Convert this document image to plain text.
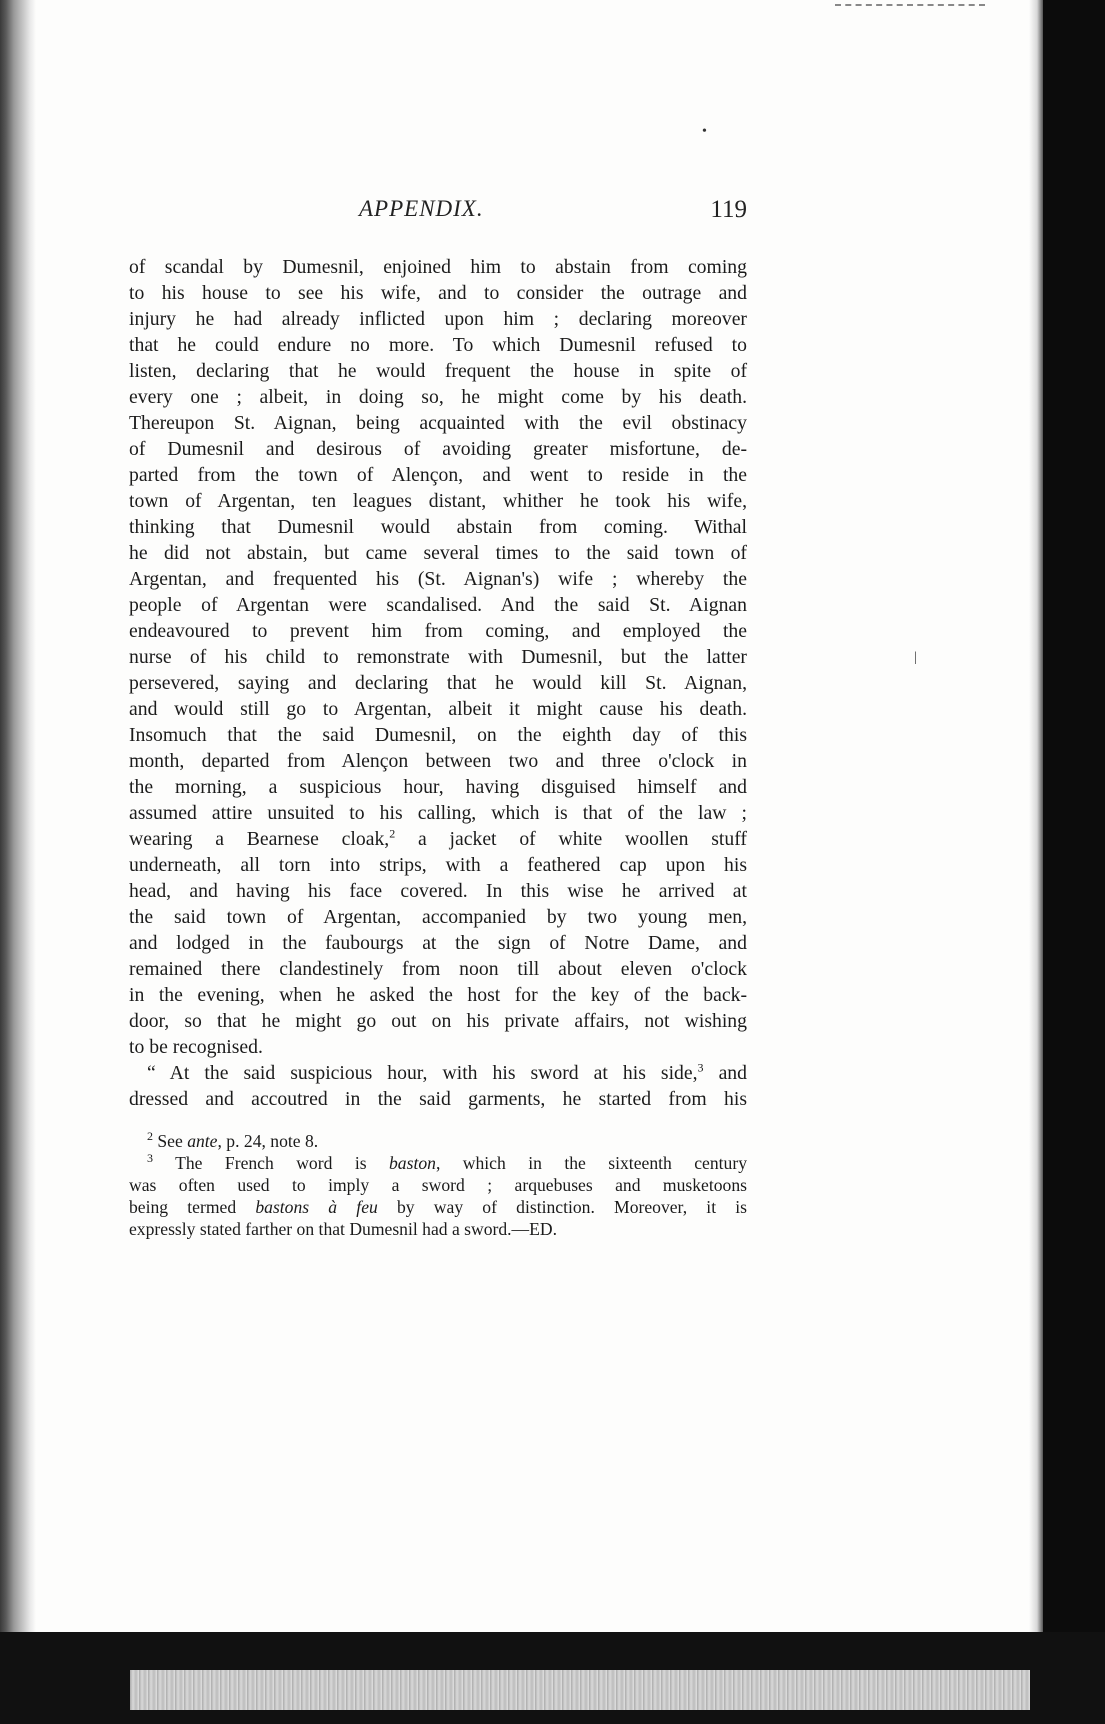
•
|
APPENDIX.	119
of scandal by Dumesnil, enjoined him to abstain from coming
to his house to see his wife, and to consider the outrage and
injury he had already inflicted upon him ; declaring moreover
that he could endure no more. To which Dumesnil refused to
listen, declaring that he would frequent the house in spite of
every one ; albeit, in doing so, he might come by his death.
Thereupon St. Aignan, being acquainted with the evil obstinacy
of Dumesnil and desirous of avoiding greater misfortune, de-
parted from the town of Alençon, and went to reside in the
town of Argentan, ten leagues distant, whither he took his wife,
thinking that Dumesnil would abstain from coming. Withal
he did not abstain, but came several times to the said town of
Argentan, and frequented his (St. Aignan's) wife ; whereby the
people of Argentan were scandalised. And the said St. Aignan
endeavoured to prevent him from coming, and employed the
nurse of his child to remonstrate with Dumesnil, but the latter
persevered, saying and declaring that he would kill St. Aignan,
and would still go to Argentan, albeit it might cause his death.
Insomuch that the said Dumesnil, on the eighth day of this
month, departed from Alençon between two and three o'clock in
the morning, a suspicious hour, having disguised himself and
assumed attire unsuited to his calling, which is that of the law ;
wearing a Bearnese cloak,$^2$ a jacket of white woollen stuff
underneath, all torn into strips, with a feathered cap upon his
head, and having his face covered. In this wise he arrived at
the said town of Argentan, accompanied by two young men,
and lodged in the faubourgs at the sign of Notre Dame, and
remained there clandestinely from noon till about eleven o'clock
in the evening, when he asked the host for the key of the back-
door, so that he might go out on his private affairs, not wishing
to be recognised.
“ At the said suspicious hour, with his sword at his side,$^3$ and
dressed and accoutred in the said garments, he started from his
$^2$ See ante, p. 24, note 8.
$^3$ The French word is baston, which in the sixteenth century
was often used to imply a sword ; arquebuses and musketoons
being termed bastons à feu by way of distinction. Moreover, it is
expressly stated farther on that Dumesnil had a sword.—ED.
